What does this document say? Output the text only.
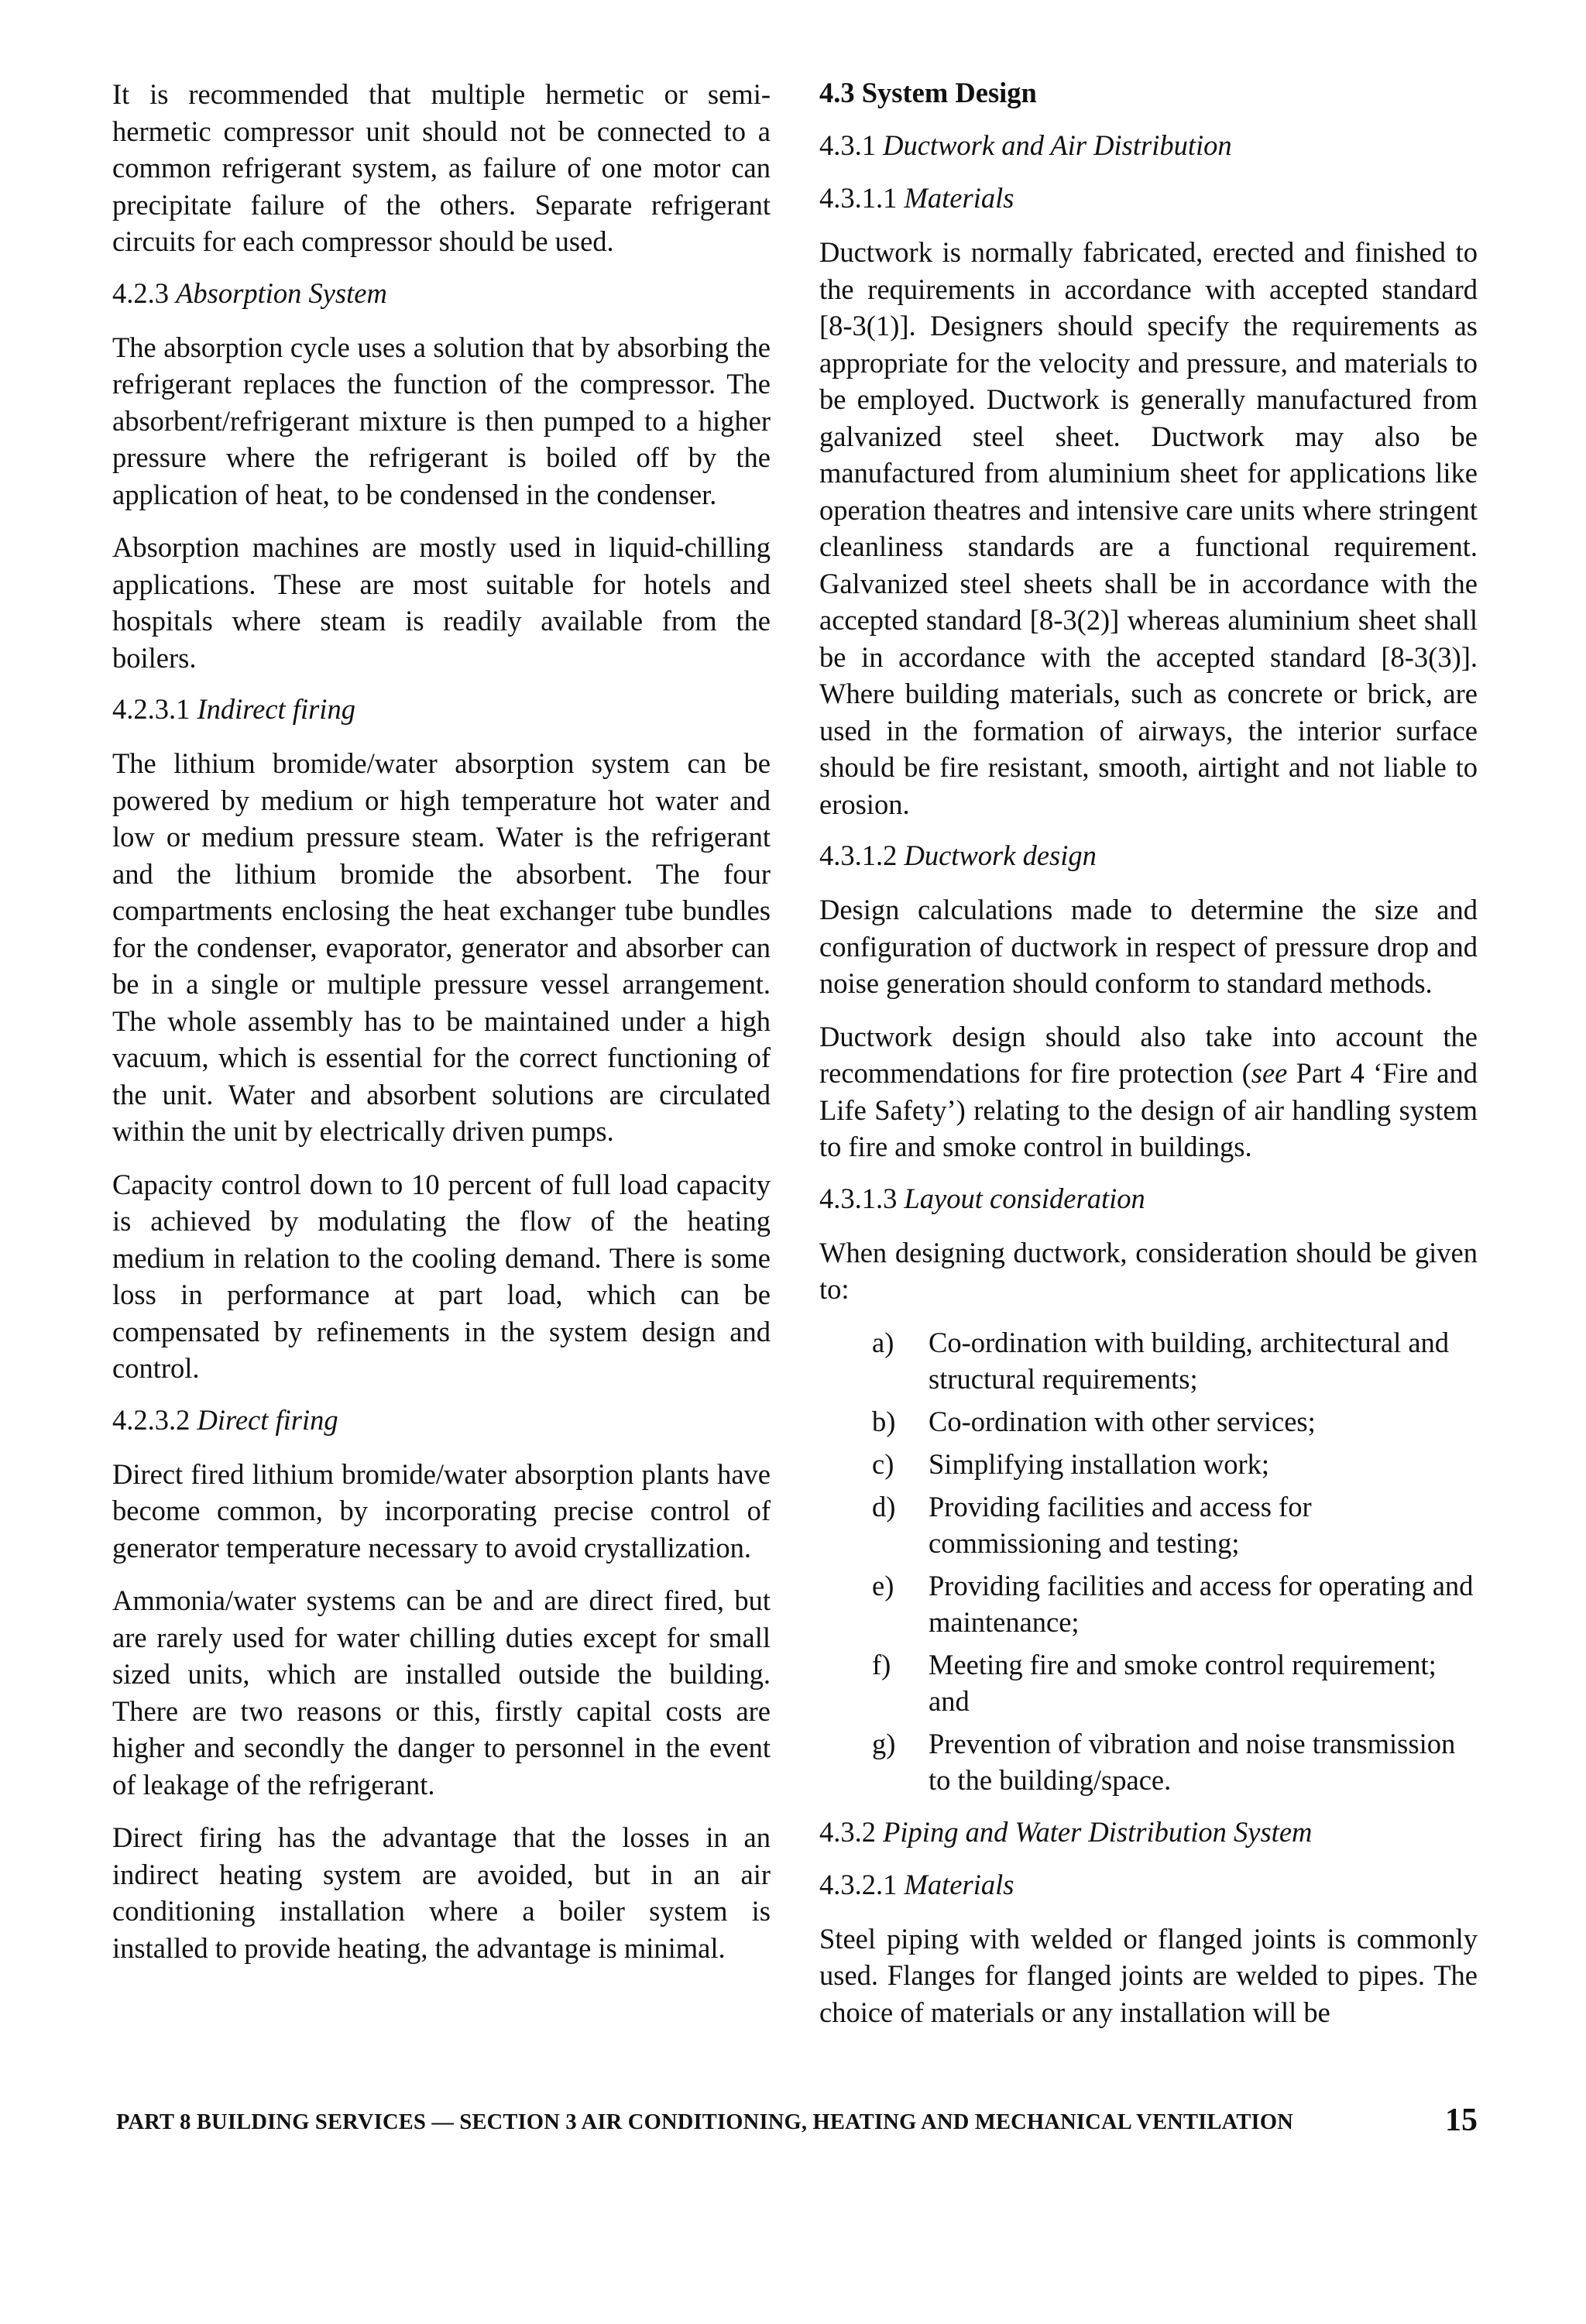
It is recommended that multiple hermetic or semi-hermetic compressor unit should not be connected to a common refrigerant system, as failure of one motor can precipitate failure of the others. Separate refrigerant circuits for each compressor should be used.

4.2.3 Absorption System

The absorption cycle uses a solution that by absorbing the refrigerant replaces the function of the compressor. The absorbent/refrigerant mixture is then pumped to a higher pressure where the refrigerant is boiled off by the application of heat, to be condensed in the condenser.

Absorption machines are mostly used in liquid-chilling applications. These are most suitable for hotels and hospitals where steam is readily available from the boilers.

4.2.3.1 Indirect firing

The lithium bromide/water absorption system can be powered by medium or high temperature hot water and low or medium pressure steam. Water is the refrigerant and the lithium bromide the absorbent. The four compartments enclosing the heat exchanger tube bundles for the condenser, evaporator, generator and absorber can be in a single or multiple pressure vessel arrangement. The whole assembly has to be maintained under a high vacuum, which is essential for the correct functioning of the unit. Water and absorbent solutions are circulated within the unit by electrically driven pumps.

Capacity control down to 10 percent of full load capacity is achieved by modulating the flow of the heating medium in relation to the cooling demand. There is some loss in performance at part load, which can be compensated by refinements in the system design and control.

4.2.3.2 Direct firing

Direct fired lithium bromide/water absorption plants have become common, by incorporating precise control of generator temperature necessary to avoid crystallization.

Ammonia/water systems can be and are direct fired, but are rarely used for water chilling duties except for small sized units, which are installed outside the building. There are two reasons or this, firstly capital costs are higher and secondly the danger to personnel in the event of leakage of the refrigerant.

Direct firing has the advantage that the losses in an indirect heating system are avoided, but in an air conditioning installation where a boiler system is installed to provide heating, the advantage is minimal.

4.3 System Design
4.3.1 Ductwork and Air Distribution
4.3.1.1 Materials

Ductwork is normally fabricated, erected and finished to the requirements in accordance with accepted standard [8-3(1)]. Designers should specify the requirements as appropriate for the velocity and pressure, and materials to be employed. Ductwork is generally manufactured from galvanized steel sheet. Ductwork may also be manufactured from aluminium sheet for applications like operation theatres and intensive care units where stringent cleanliness standards are a functional requirement. Galvanized steel sheets shall be in accordance with the accepted standard [8-3(2)] whereas aluminium sheet shall be in accordance with the accepted standard [8-3(3)]. Where building materials, such as concrete or brick, are used in the formation of airways, the interior surface should be fire resistant, smooth, airtight and not liable to erosion.

4.3.1.2 Ductwork design

Design calculations made to determine the size and configuration of ductwork in respect of pressure drop and noise generation should conform to standard methods.

Ductwork design should also take into account the recommendations for fire protection (see Part 4 ‘Fire and Life Safety’) relating to the design of air handling system to fire and smoke control in buildings.

4.3.1.3 Layout consideration

When designing ductwork, consideration should be given to:

a)	Co-ordination with building, architectural and structural requirements;
b)	Co-ordination with other services;
c)	Simplifying installation work;
d)	Providing facilities and access for commissioning and testing;
e)	Providing facilities and access for operating and maintenance;
f)	Meeting fire and smoke control requirement; and
g)	Prevention of vibration and noise transmission to the building/space.
4.3.2 Piping and Water Distribution System
4.3.2.1 Materials

Steel piping with welded or flanged joints is commonly used. Flanges for flanged joints are welded to pipes. The choice of materials or any installation will be

PART 8 BUILDING SERVICES — SECTION 3 AIR CONDITIONING, HEATING AND MECHANICAL VENTILATION	15
